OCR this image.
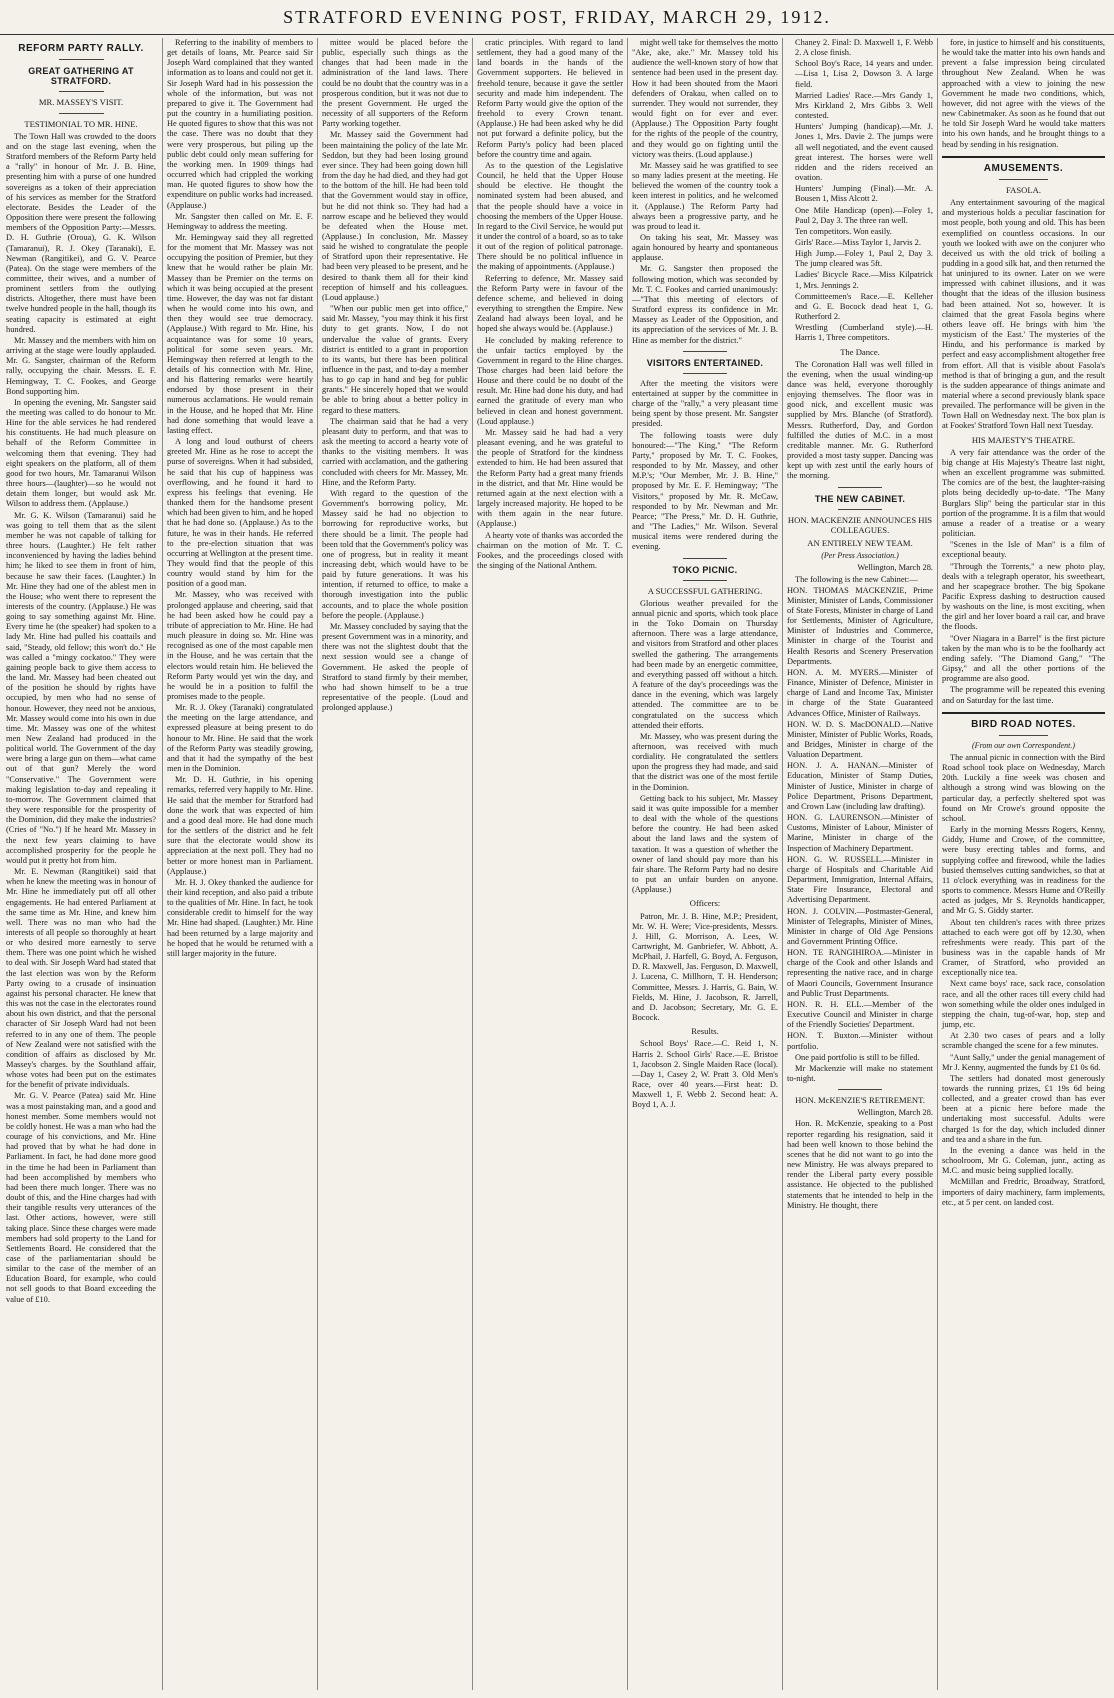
STRATFORD EVENING POST, FRIDAY, MARCH 29, 1912.
REFORM PARTY RALLY.
GREAT GATHERING AT STRATFORD.
MR. MASSEY'S VISIT.
TESTIMONIAL TO MR. HINE.

The Town Hall was crowded to the doors and on the stage last evening, when the Stratford members of the Reform Party held a "rally" in honour of Mr. J. B. Hine, presenting him with a purse of one hundred sovereigns as a token of their appreciation of his services as member for the Stratford electorate. Besides the Leader of the Opposition there were present the following members of the Opposition Party:—Messrs. D. H. Guthrie (Oroua), G. K. Wilson (Tamaranui), R. J. Okey (Taranaki), E. Newman (Rangitikei), and G. V. Pearce (Patea). On the stage were members of the committee, their wives, and a number of prominent settlers from the outlying districts. Altogether, there must have been twelve hundred people in the hall, though its seating capacity is estimated at eight hundred.

Mr. Massey and the members with him on arriving at the stage were loudly applauded. Mr. G. Sangster, chairman of the Reform rally, occupying the chair. Messrs. E. F. Hemingway, T. C. Fookes, and George Bond supporting him.

In opening the evening, Mr. Sangster said the meeting was called to do honour to Mr. Hine for the able services he had rendered his constituents. He had much pleasure on behalf of the Reform Committee in welcoming them that evening. They had eight speakers on the platform, all of them good for two hours, Mr. Tamaranui Wilson three hours—(laughter)—so he would not detain them longer, but would ask Mr. Wilson to address them. (Applause.)

Mr. G. K. Wilson (Tamaranui) said he was going to tell them that as the silent member he was not capable of talking for three hours. (Laughter.) He felt rather inconvenienced by having the ladies behind him; he liked to see them in front of him, because he saw their faces. (Laughter.) In Mr. Hine they had one of the ablest men in the House; who went there to represent the interests of the country. (Applause.) He was going to say something against Mr. Hine. Every time he (the speaker) had spoken to a lady Mr. Hine had pulled his coattails and said, "Steady, old fellow; this won't do." He was called a "mingy cockatoo." They were gaining people back to give them access to the land. Mr. Massey had been cheated out of the position he should by rights have occupied, by men who had no sense of honour. However, they need not be anxious, Mr. Massey would come into his own in due time. Mr. Massey was one of the whitest men New Zealand had produced in the political world. The Government of the day were bring a large gun on them—what came out of that gun? Merely the word "Conservative." The Government were making legislation to-day and repealing it to-morrow. The Government claimed that they were responsible for the prosperity of the Dominion, did they make the industries? (Cries of "No.") If he heard Mr. Massey in the next few years claiming to have accomplished prosperity for the people he would put it pretty hot from him.

Mr. E. Newman (Rangitikei) said that when he knew the meeting was in honour of Mr. Hine he immediately put off all other engagements. He had entered Parliament at the same time as Mr. Hine, and knew him well. There was no man who had the interests of all people so thoroughly at heart or who desired more earnestly to serve them. There was one point which he wished to deal with. Sir Joseph Ward had stated that the last election was won by the Reform Party owing to a crusade of insinuation against his personal character. He knew that this was not the case in the electorates round about his own district, and that the personal character of Sir Joseph Ward had not been referred to in any one of them. The people of New Zealand were not satisfied with the condition of affairs as disclosed by Mr. Massey's charges. by the Southland affair, whose votes had been put on the estimates for the benefit of private individuals.

Mr. G. V. Pearce (Patea) said Mr. Hine was a most painstaking man, and a good and honest member. Some members would not be coldly honest. He was a man who had the courage of his convictions, and Mr. Hine had proved that by what he had done in Parliament. In fact, he had done more good in the time he had been in Parliament than had been accomplished by members who had been there much longer. There was no doubt of this, and the Hine charges had with their tangible results very utterances of the last. Other actions, however, were still taking place. Since these charges were made members had sold property to the Land for Settlements Board. He considered that the case of the parliamentarian should be similar to the case of the member of an Education Board, for example, who could not sell goods to that Board exceeding the value of £10.

Referring to the inability of members to get details of loans, Mr. Pearce said Sir Joseph Ward complained that they wanted information as to loans and could not get it. Sir Joseph Ward had in his possession the whole of the information, but was not prepared to give it. The Government had put the country in a humiliating position. He quoted figures to show that this was not the case. There was no doubt that they were very prosperous, but piling up the public debt could only mean suffering for the working men. In 1909 things had occurred which had crippled the working man. He quoted figures to show how the expenditure on public works had increased. (Applause.)

Mr. Sangster then called on Mr. E. F. Hemingway to address the meeting.

Mr. Hemingway said they all regretted for the moment that Mr. Massey was not occupying the position of Premier, but they knew that he would rather be plain Mr. Massey than be Premier on the terms on which it was being occupied at the present time. However, the day was not far distant when he would come into his own, and then they would see true democracy. (Applause.) With regard to Mr. Hine, his acquaintance was for some 10 years, political for some seven years. Mr. Hemingway then referred at length to the details of his connection with Mr. Hine, and his flattering remarks were heartily endorsed by those present in their numerous acclamations. He would remain in the House, and he hoped that Mr. Hine had done something that would leave a lasting effect.

A long and loud outburst of cheers greeted Mr. Hine as he rose to accept the purse of sovereigns. When it had subsided, he said that his cup of happiness was overflowing, and he found it hard to express his feelings that evening. He thanked them for the handsome present which had been given to him, and he hoped that he had done so. (Applause.) As to the future, he was in their hands. He referred to the pre-election situation that was occurring at Wellington at the present time. They would find that the people of this country would stand by him for the position of a good man.

Mr. Massey, who was received with prolonged applause and cheering, said that he had been asked how he could pay a tribute of appreciation to Mr. Hine. He had much pleasure in doing so. Mr. Hine was recognised as one of the most capable men in the House, and he was certain that the electors would retain him. He believed the Reform Party would yet win the day, and he would be in a position to fulfil the promises made to the people.

Mr. R. J. Okey (Taranaki) congratulated the meeting on the large attendance, and expressed pleasure at being present to do honour to Mr. Hine. He said that the work of the Reform Party was steadily growing, and that it had the sympathy of the best men in the Dominion.

Mr. D. H. Guthrie, in his opening remarks, referred very happily to Mr. Hine. He said that the member for Stratford had done the work that was expected of him and a good deal more. He had done much for the settlers of the district and he felt sure that the electorate would show its appreciation at the next poll. They had no better or more honest man in Parliament. (Applause.)

Mr. H. J. Okey thanked the audience for their kind reception, and also paid a tribute to the qualities of Mr. Hine. In fact, he took considerable credit to himself for the way Mr. Hine had shaped. (Laughter.) Mr. Hine had been returned by a large majority and he hoped that he would be returned with a still larger majority in the future.

mittee would be placed before the public, especially such things as the changes that had been made in the administration of the land laws. There could be no doubt that the country was in a prosperous condition, but it was not due to the present Government. He urged the necessity of all supporters of the Reform Party working together.

Mr. Massey said the Government had been maintaining the policy of the late Mr. Seddon, but they had been losing ground ever since. They had been going down hill from the day he had died, and they had got to the bottom of the hill. He had been told that the Government would stay in office, but he did not think so. They had had a narrow escape and he believed they would be defeated when the House met. (Applause.) In conclusion, Mr. Massey said he wished to congratulate the people of Stratford upon their representative. He had been very pleased to be present, and he desired to thank them all for their kind reception of himself and his colleagues. (Loud applause.)

"When our public men get into office," said Mr. Massey, "you may think it his first duty to get grants. Now, I do not undervalue the value of grants. Every district is entitled to a grant in proportion to its wants, but there has been political influence in the past, and to-day a member has to go cap in hand and beg for public grants." He sincerely hoped that we would be able to bring about a better policy in regard to these matters.

The chairman said that he had a very pleasant duty to perform, and that was to ask the meeting to accord a hearty vote of thanks to the visiting members. It was carried with acclamation, and the gathering concluded with cheers for Mr. Massey, Mr. Hine, and the Reform Party.

With regard to the question of the Government's borrowing policy, Mr. Massey said he had no objection to borrowing for reproductive works, but there should be a limit. The people had been told that the Government's policy was one of progress, but in reality it meant increasing debt, which would have to be paid by future generations. It was his intention, if returned to office, to make a thorough investigation into the public accounts, and to place the whole position before the people. (Applause.)

Mr. Massey concluded by saying that the present Government was in a minority, and there was not the slightest doubt that the next session would see a change of Government. He asked the people of Stratford to stand firmly by their member, who had shown himself to be a true representative of the people. (Loud and prolonged applause.)

cratic principles. With regard to land settlement, they had a good many of the land boards in the hands of the Government supporters. He believed in freehold tenure, because it gave the settler security and made him independent. The Reform Party would give the option of the freehold to every Crown tenant. (Applause.) He had been asked why he did not put forward a definite policy, but the Reform Party's policy had been placed before the country time and again.

As to the question of the Legislative Council, he held that the Upper House should be elective. He thought the nominated system had been abused, and that the people should have a voice in choosing the members of the Upper House. In regard to the Civil Service, he would put it under the control of a board, so as to take it out of the region of political patronage. There should be no political influence in the making of appointments. (Applause.)

Referring to defence, Mr. Massey said the Reform Party were in favour of the defence scheme, and believed in doing everything to strengthen the Empire. New Zealand had always been loyal, and he hoped she always would be. (Applause.)

He concluded by making reference to the unfair tactics employed by the Government in regard to the Hine charges. Those charges had been laid before the House and there could be no doubt of the result. Mr. Hine had done his duty, and had earned the gratitude of every man who believed in clean and honest government. (Loud applause.)

Mr. Massey said he had had a very pleasant evening, and he was grateful to the people of Stratford for the kindness extended to him. He had been assured that the Reform Party had a great many friends in the district, and that Mr. Hine would be returned again at the next election with a largely increased majority. He hoped to be with them again in the near future. (Applause.)

A hearty vote of thanks was accorded the chairman on the motion of Mr. T. C. Fookes, and the proceedings closed with the singing of the National Anthem.

might well take for themselves the motto "Ake, ake, ake." Mr. Massey told his audience the well-known story of how that sentence had been used in the present day. How it had been shouted from the Maori defenders of Orakau, when called on to surrender. They would not surrender, they would fight on for ever and ever. (Applause.) The Opposition Party fought for the rights of the people of the country, and they would go on fighting until the victory was theirs. (Loud applause.)

Mr. Massey said he was gratified to see so many ladies present at the meeting. He believed the women of the country took a keen interest in politics, and he welcomed it. (Applause.) The Reform Party had always been a progressive party, and he was proud to lead it.

On taking his seat, Mr. Massey was again honoured by hearty and spontaneous applause.

Mr. G. Sangster then proposed the following motion, which was seconded by Mr. T. C. Fookes and carried unanimously:—"That this meeting of electors of Stratford express its confidence in Mr. Massey as Leader of the Opposition, and its appreciation of the services of Mr. J. B. Hine as member for the district."

VISITORS ENTERTAINED.

After the meeting the visitors were entertained at supper by the committee in charge of the "rally," a very pleasant time being spent by those present. Mr. Sangster presided.

The following toasts were duly honoured:—"The King," "The Reform Party," proposed by Mr. T. C. Fookes, responded to by Mr. Massey, and other M.P.'s; "Our Member, Mr. J. B. Hine," proposed by Mr. E. F. Hemingway; "The Visitors," proposed by Mr. R. McCaw, responded to by Mr. Newman and Mr. Pearce; "The Press," Mr. D. H. Guthrie, and "The Ladies," Mr. Wilson. Several musical items were rendered during the evening.

TOKO PICNIC.
A SUCCESSFUL GATHERING.

Glorious weather prevailed for the annual picnic and sports, which took place in the Toko Domain on Thursday afternoon. There was a large attendance, and visitors from Stratford and other places swelled the gathering. The arrangements had been made by an energetic committee, and everything passed off without a hitch. A feature of the day's proceedings was the dance in the evening, which was largely attended. The committee are to be congratulated on the success which attended their efforts.

Mr. Massey, who was present during the afternoon, was received with much cordiality. He congratulated the settlers upon the progress they had made, and said that the district was one of the most fertile in the Dominion.

Getting back to his subject, Mr. Massey said it was quite impossible for a member to deal with the whole of the questions before the country. He had been asked about the land laws and the system of taxation. It was a question of whether the owner of land should pay more than his fair share. The Reform Party had no desire to put an unfair burden on anyone. (Applause.)

Officers:

Patron, Mr. J. B. Hine, M.P.; President, Mr. W. H. Were; Vice-presidents, Messrs. J. Hill, G. Morrison, A. Lees, W. Cartwright, M. Ganbriefer, W. Abbott, A. McPhail, J. Harfell, G. Boyd, A. Ferguson, D. R. Maxwell, Jas. Ferguson, D. Maxwell, J. Lucena, C. Millhorn, T. H. Henderson; Committee, Messrs. J. Harris, G. Bain, W. Fields, M. Hine, J. Jacobson, R. Jarrell, and D. Jacobson; Secretary, Mr. G. E. Bocock.

Results.

School Boys' Race.—C. Reid 1, N. Harris 2. School Girls' Race.—E. Bristoe 1, Jacobson 2. Single Maiden Race (local).—Day 1, Casey 2, W. Pratt 3. Old Men's Race, over 40 years.—First heat: D. Maxwell 1, F. Webb 2. Second heat: A. Boyd 1, A. J.

Chaney 2. Final: D. Maxwell 1, F. Webb 2. A close finish.

School Boy's Race, 14 years and under.—Lisa 1, Lisa 2, Dowson 3. A large field.

Married Ladies' Race.—Mrs Gandy 1, Mrs Kirkland 2, Mrs Gibbs 3. Well contested.

Hunters' Jumping (handicap).—Mr. J. Jones 1, Mrs. Davie 2. The jumps were all well negotiated, and the event caused great interest. The horses were well ridden and the riders received an ovation.

Hunters' Jumping (Final).—Mr. A. Bousen 1, Miss Alcott 2.

One Mile Handicap (open).—Foley 1, Paul 2, Day 3. The three ran well.

Ten competitors. Won easily.

Girls' Race.—Miss Taylor 1, Jarvis 2.

High Jump.—Foley 1, Paul 2, Day 3. The jump cleared was 5ft.

Ladies' Bicycle Race.—Miss Kilpatrick 1, Mrs. Jennings 2.

Committeemen's Race.—E. Kelleher and G. E. Bocock dead heat 1, G. Rutherford 2.

Wrestling (Cumberland style).—H. Harris 1, Three competitors.

The Dance.

The Coronation Hall was well filled in the evening, when the usual winding-up dance was held, everyone thoroughly enjoying themselves. The floor was in good nick, and excellent music was supplied by Mrs. Blanche (of Stratford). Messrs. Rutherford, Day, and Gordon fulfilled the duties of M.C. in a most creditable manner. Mr. G. Rutherford provided a most tasty supper. Dancing was kept up with zest until the early hours of the morning.

THE NEW CABINET.
HON. MACKENZIE ANNOUNCES HIS COLLEAGUES.
AN ENTIRELY NEW TEAM.
(Per Press Association.)

Wellington, March 28.

The following is the new Cabinet:—

HON. THOMAS MACKENZIE, Prime Minister, Minister of Lands, Commissioner of State Forests, Minister in charge of Land for Settlements, Minister of Agriculture, Minister of Industries and Commerce, Minister in charge of the Tourist and Health Resorts and Scenery Preservation Departments.

HON. A. M. MYERS.—Minister of Finance, Minister of Defence, Minister in charge of Land and Income Tax, Minister in charge of the State Guaranteed Advances Office, Minister of Railways.

HON. W. D. S. MacDONALD.—Native Minister, Minister of Public Works, Roads, and Bridges, Minister in charge of the Valuation Department.

HON. J. A. HANAN.—Minister of Education, Minister of Stamp Duties, Minister of Justice, Minister in charge of Police Department, Prisons Department, and Crown Law (including law drafting).

HON. G. LAURENSON.—Minister of Customs, Minister of Labour, Minister of Marine, Minister in charge of the Inspection of Machinery Department.

HON. G. W. RUSSELL.—Minister in charge of Hospitals and Charitable Aid Department, Immigration, Internal Affairs, State Fire Insurance, Electoral and Advertising Department.

HON. J. COLVIN.—Postmaster-General, Minister of Telegraphs, Minister of Mines, Minister in charge of Old Age Pensions and Government Printing Office.

HON. TE RANGIHIROA.—Minister in charge of the Cook and other Islands and representing the native race, and in charge of Maori Councils, Government Insurance and Public Trust Departments.

HON. R. H. ELL.—Member of the Executive Council and Minister in charge of the Friendly Societies' Department.

HON. T. Buxton.—Minister without portfolio.

One paid portfolio is still to be filled.

Mr Mackenzie will make no statement to-night.

HON. McKENZIE'S RETIREMENT.

Wellington, March 28.

Hon. R. McKenzie, speaking to a Post reporter regarding his resignation, said it had been well known to those behind the scenes that he did not want to go into the new Ministry. He was always prepared to render the Liberal party every possible assistance. He objected to the published statements that he intended to help in the Ministry. He thought, there

fore, in justice to himself and his constituents, he would take the matter into his own hands and prevent a false impression being circulated throughout New Zealand. When he was approached with a view to joining the new Government he made two conditions, which, however, did not agree with the views of the new Cabinetmaker. As soon as he found that out he told Sir Joseph Ward he would take matters into his own hands, and he brought things to a head by sending in his resignation.

AMUSEMENTS.
FASOLA.

Any entertainment savouring of the magical and mysterious holds a peculiar fascination for most people, both young and old. This has been exemplified on countless occasions. In our youth we looked with awe on the conjurer who deceived us with the old trick of boiling a pudding in a good silk hat, and then returned the hat uninjured to its owner. Later on we were impressed with cabinet illusions, and it was thought that the ideas of the illusion business had been attained. Not so, however. It is claimed that the great Fasola begins where others leave off. He brings with him 'the mysticism of the East.' The mysteries of the Hindu, and his performance is marked by perfect and easy accomplishment altogether free from effort. All that is visible about Fasola's method is that of bringing a gun, and the result is the sudden appearance of things animate and material where a second previously blank space prevailed. The performance will be given in the Town Hall on Wednesday next. The box plan is at Fookes' Stratford Town Hall next Tuesday.

HIS MAJESTY'S THEATRE.

A very fair attendance was the order of the big change at His Majesty's Theatre last night, when an excellent programme was submitted. The comics are of the best, the laughter-raising plots being decidedly up-to-date. "The Many Burglars Slip" being the particular star in this portion of the programme. It is a film that would amuse a reader of a treatise or a weary politician.

"Scenes in the Isle of Man" is a film of exceptional beauty.

"Through the Torrents," a new photo play, deals with a telegraph operator, his sweetheart, and her scapegrace brother. The big Spokane Pacific Express dashing to destruction caused by washouts on the line, is most exciting, when the girl and her lover board a rail car, and brave the floods.

"Over Niagara in a Barrel" is the first picture taken by the man who is to be the foolhardy act ending safely. "The Diamond Gang," "The Gipsy," and all the other portions of the programme are also good.

The programme will be repeated this evening and on Saturday for the last time.

BIRD ROAD NOTES.
(From our own Correspondent.)

The annual picnic in connection with the Bird Road school took place on Wednesday, March 20th. Luckily a fine week was chosen and although a strong wind was blowing on the particular day, a perfectly sheltered spot was found on Mr Crowe's ground opposite the school.

Early in the morning Messrs Rogers, Kenny, Giddy, Hume and Crowe, of the committee, were busy erecting tables and forms, and supplying coffee and firewood, while the ladies busied themselves cutting sandwiches, so that at 11 o'clock everything was in readiness for the sports to commence. Messrs Hume and O'Reilly acted as judges, Mr S. Reynolds handicapper, and Mr G. S. Giddy starter.

About ten children's races with three prizes attached to each were got off by 12.30, when refreshments were ready. This part of the business was in the capable hands of Mr Cramer, of Stratford, who provided an exceptionally nice tea.

Next came boys' race, sack race, consolation race, and all the other races till every child had won something while the older ones indulged in stepping the chain, tug-of-war, hop, step and jump, etc.

At 2.30 two cases of pears and a lolly scramble changed the scene for a few minutes.

"Aunt Sally," under the genial management of Mr J. Kenny, augmented the funds by £1 0s 6d.

The settlers had donated most generously towards the running prizes, £1 19s 6d being collected, and a greater crowd than has ever been at a picnic here before made the undertaking most successful. Adults were charged 1s for the day, which included dinner and tea and a share in the fun.

In the evening a dance was held in the schoolroom, Mr G. Coleman, junr., acting as M.C. and music being supplied locally.

McMillan and Fredric, Broadway, Stratford, importers of dairy machinery, farm implements, etc., at 5 per cent. on landed cost.
